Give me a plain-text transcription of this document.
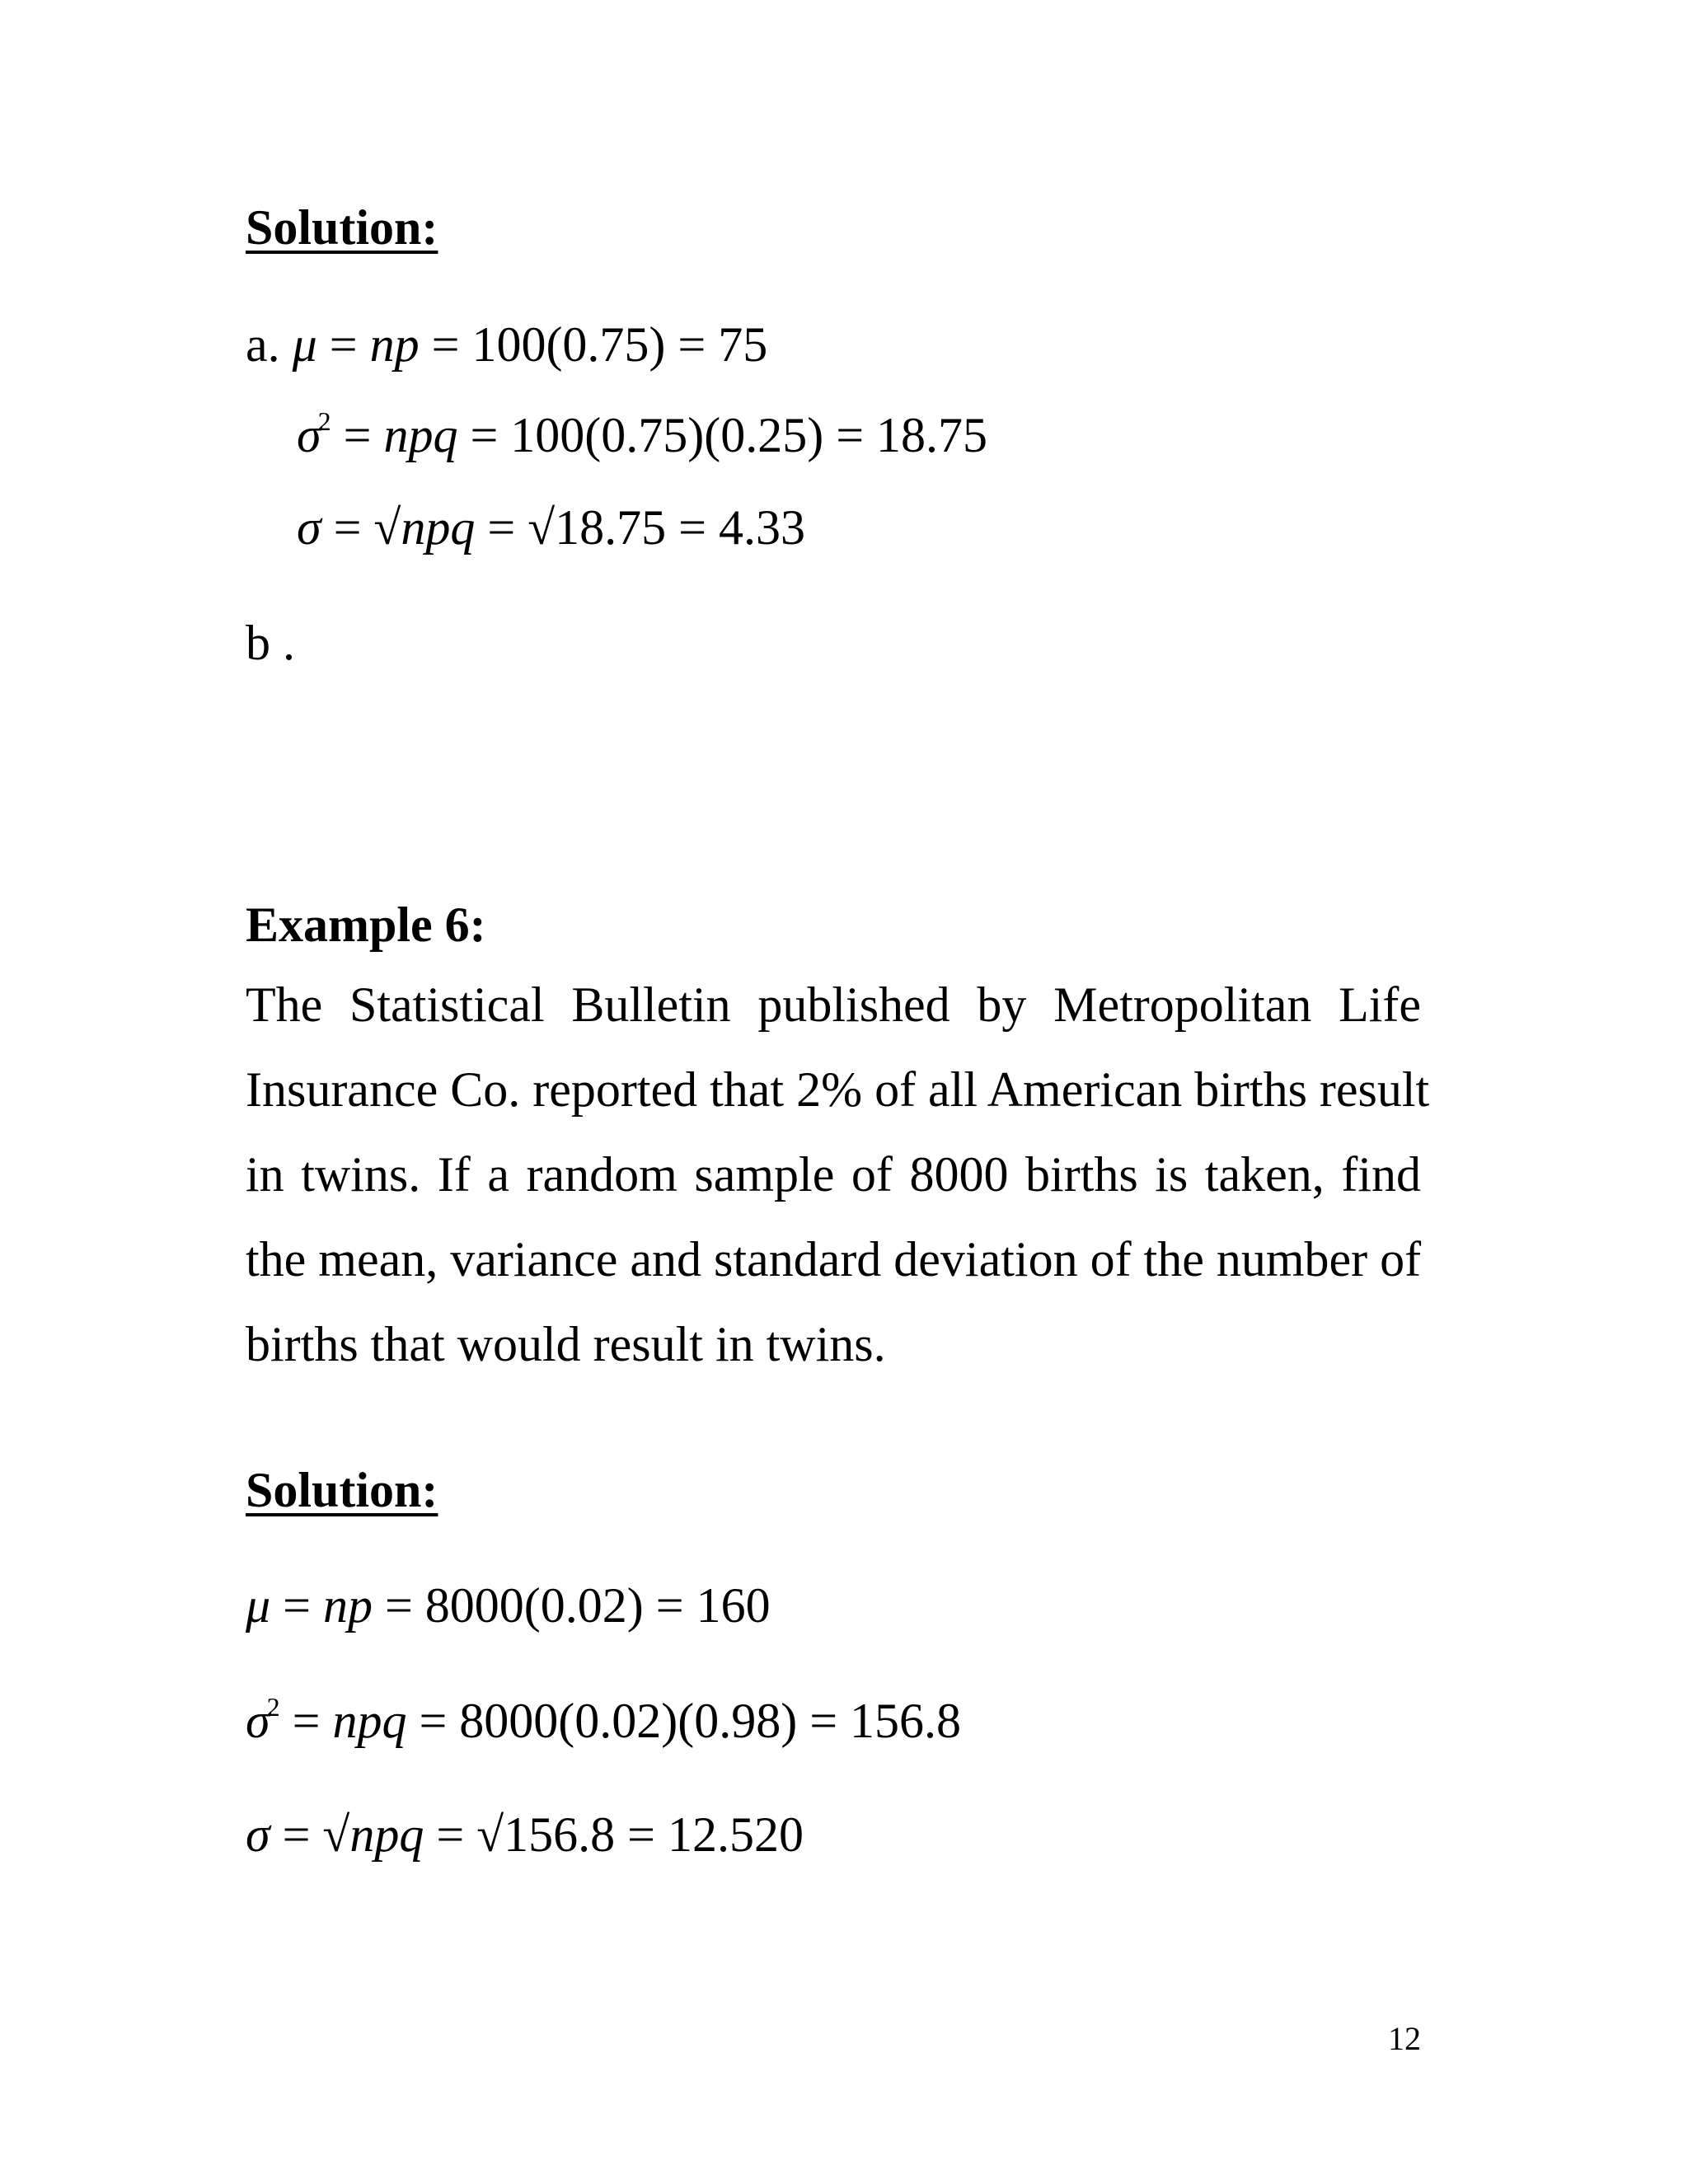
Solution:
a. μ = np = 100(0.75) = 75
$\sigma^2$ = npq = 100(0.75)(0.25) = 18.75
σ = √npq = √18.75 = 4.33
b .
Example 6:
The Statistical Bulletin published by Metropolitan Life
Insurance Co. reported that 2% of all American births result
in twins. If a random sample of 8000 births is taken, find
the mean, variance and standard deviation of the number of
births that would result in twins.
Solution:
μ = np = 8000(0.02) = 160
$\sigma^2$ = npq = 8000(0.02)(0.98) = 156.8
σ = √npq = √156.8 = 12.520
12
